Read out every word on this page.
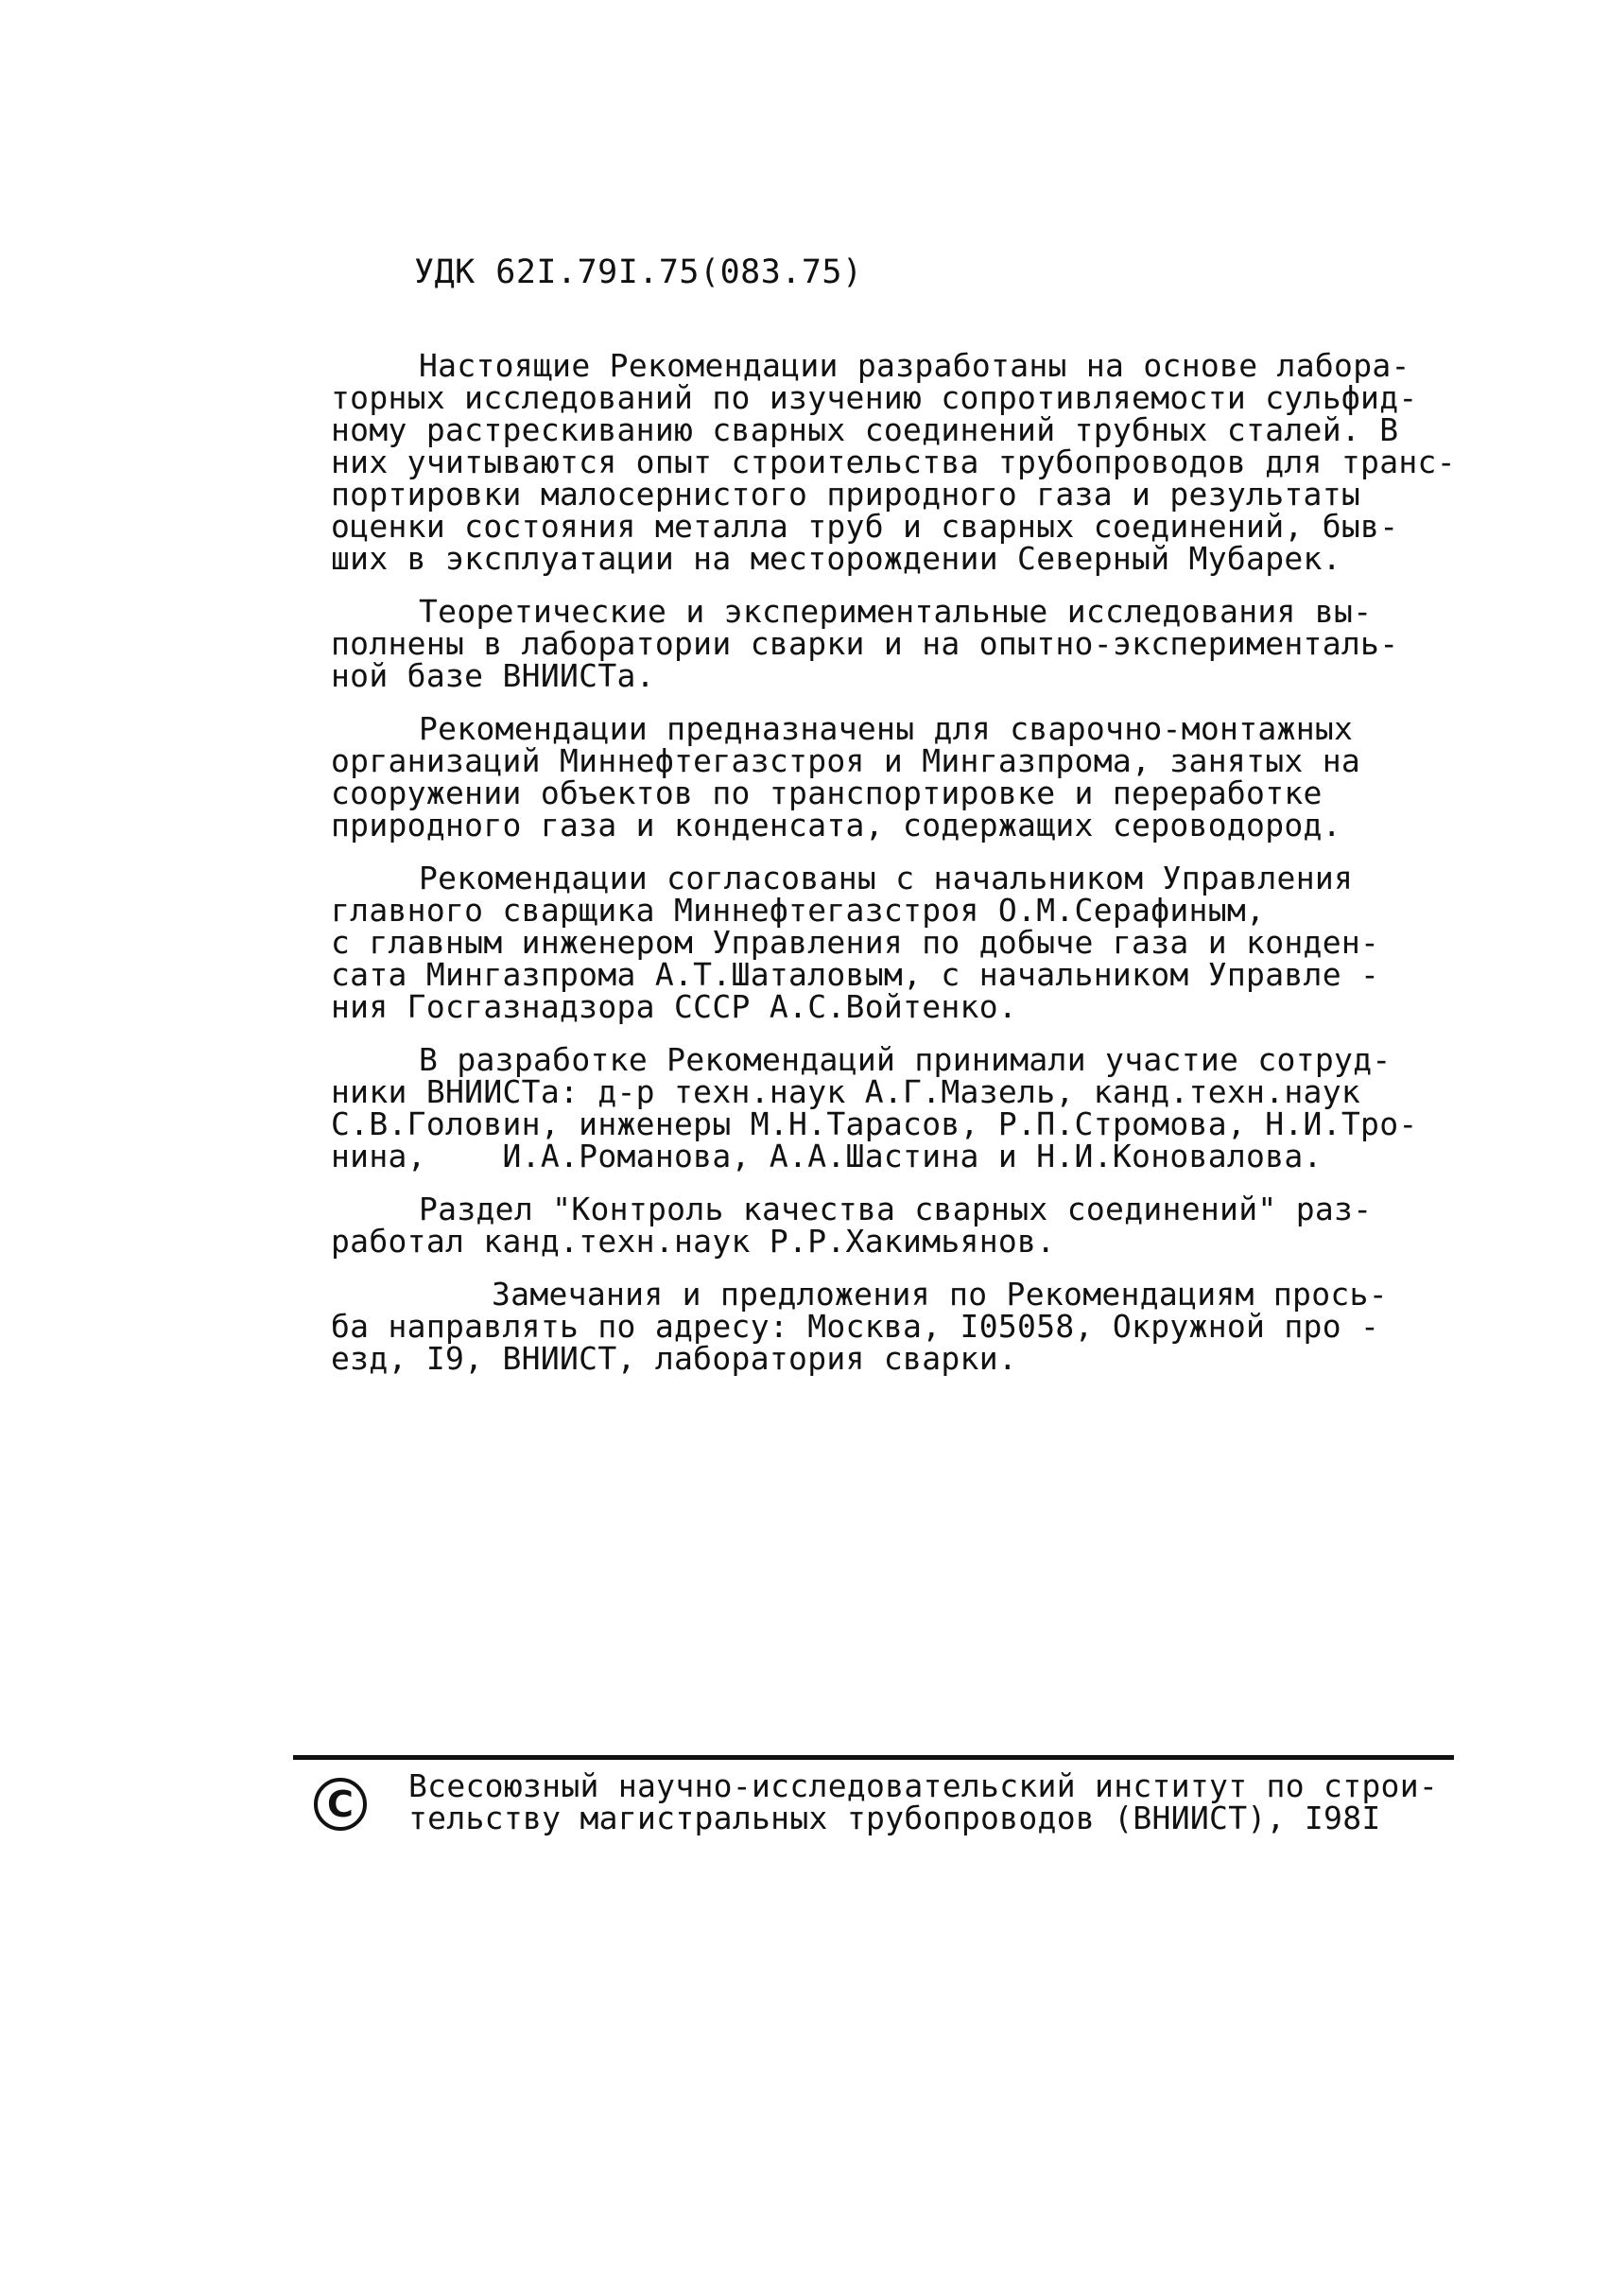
УДК 62I.79I.75(083.75)
Настоящие Рекомендации разработаны на основе лабора-
торных исследований по изучению сопротивляемости сульфид-
ному растрескиванию сварных соединений трубных сталей. В
них учитываются опыт строительства трубопроводов для транс-
портировки малосернистого природного газа и результаты
оценки состояния металла труб и сварных соединений, быв-
ших в эксплуатации на месторождении Северный Мубарек.
Теоретические и экспериментальные исследования вы-
полнены в лаборатории сварки и на опытно-эксперименталь-
ной базе ВНИИСТа.
Рекомендации предназначены для сварочно-монтажных
организаций Миннефтегазстроя и Мингазпрома, занятых на
сооружении объектов по транспортировке и переработке
природного газа и конденсата, содержащих сероводород.
Рекомендации согласованы с начальником Управления
главного сварщика Миннефтегазстроя О.М.Серафиным,
с главным инженером Управления по добыче газа и конден-
сата Мингазпрома А.Т.Шаталовым, с начальником Управле -
ния Госгазнадзора СССР А.С.Войтенко.
В разработке Рекомендаций принимали участие сотруд-
ники ВНИИСТа: д-р техн.наук А.Г.Мазель, канд.техн.наук
С.В.Головин, инженеры М.Н.Тарасов, Р.П.Стромова, Н.И.Тро-
нина,    И.А.Романова, А.А.Шастина и Н.И.Коновалова.
Раздел "Контроль качества сварных соединений" раз-
работал канд.техн.наук Р.Р.Хакимьянов.
Замечания и предложения по Рекомендациям прось-
ба направлять по адресу: Москва, I05058, Окружной про -
езд, I9, ВНИИСТ, лаборатория сварки.
C	Всесоюзный научно-исследовательский институт по строи-
тельству магистральных трубопроводов (ВНИИСТ), I98I
